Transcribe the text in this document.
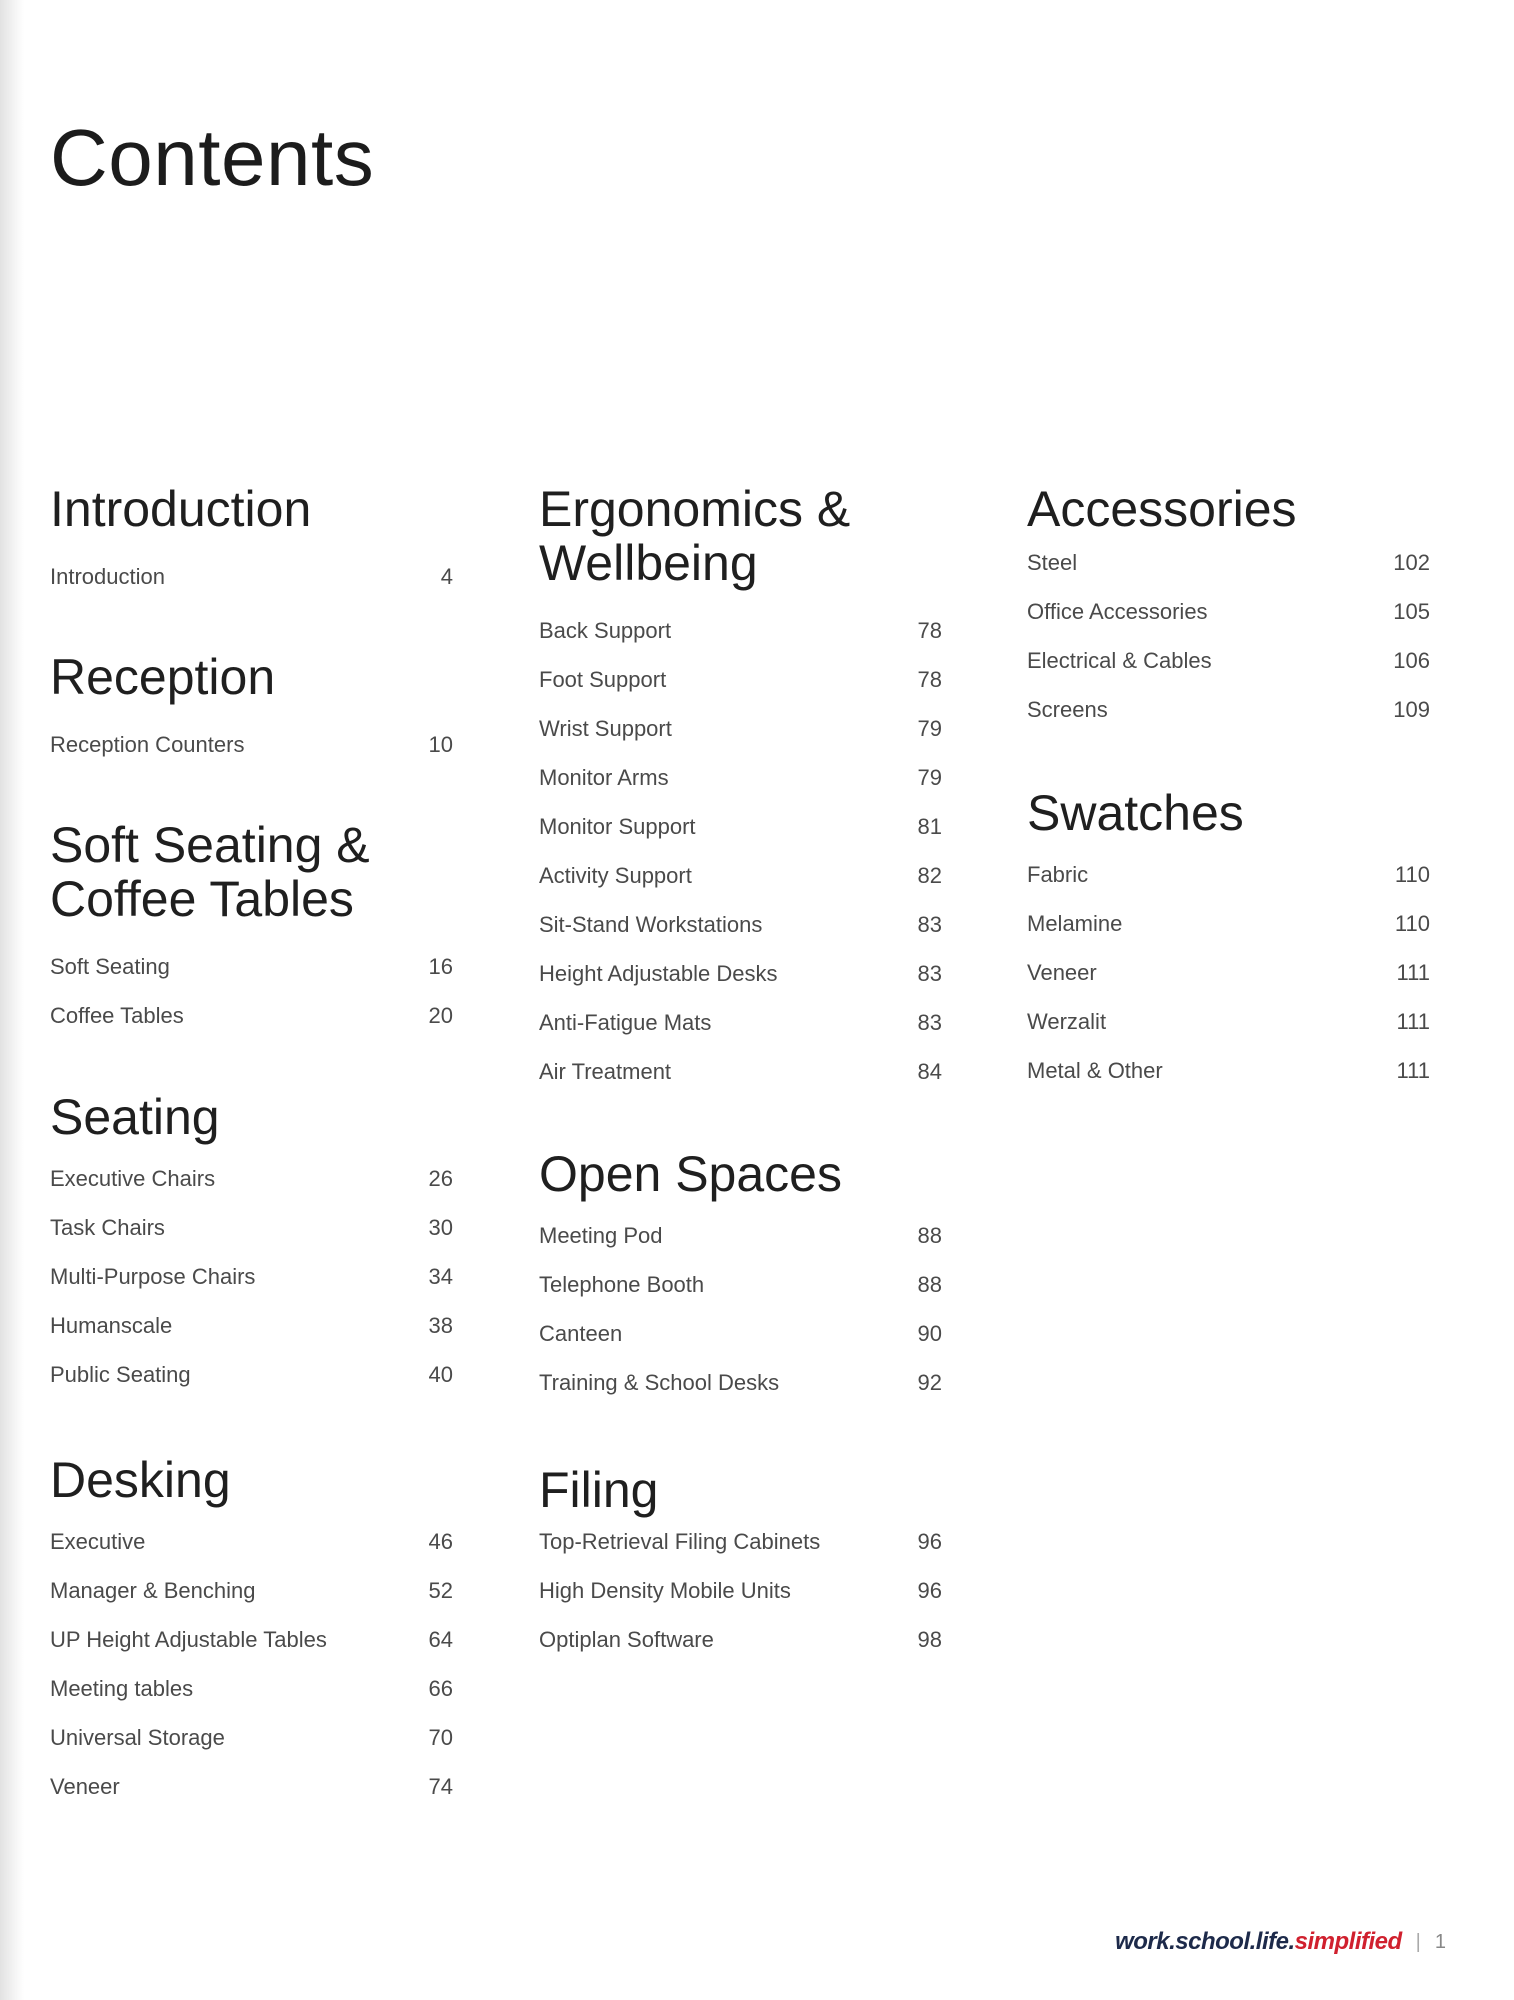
Contents
Introduction
Introduction	4
Reception
Reception Counters	10
Soft Seating & Coffee Tables
Soft Seating	16
Coffee Tables	20
Seating
Executive Chairs	26
Task Chairs	30
Multi-Purpose Chairs	34
Humanscale	38
Public Seating	40
Desking
Executive	46
Manager & Benching	52
UP Height Adjustable Tables	64
Meeting tables	66
Universal Storage	70
Veneer	74
Ergonomics & Wellbeing
Back Support	78
Foot Support	78
Wrist Support	79
Monitor Arms	79
Monitor Support	81
Activity Support	82
Sit-Stand Workstations	83
Height Adjustable Desks	83
Anti-Fatigue Mats	83
Air Treatment	84
Open Spaces
Meeting Pod	88
Telephone Booth	88
Canteen	90
Training & School Desks	92
Filing
Top-Retrieval Filing Cabinets	96
High Density Mobile Units	96
Optiplan Software	98
Accessories
Steel	102
Office Accessories	105
Electrical & Cables	106
Screens	109
Swatches
Fabric	110
Melamine	110
Veneer	111
Werzalit	111
Metal & Other	111
work.school.life.simplified | 1
